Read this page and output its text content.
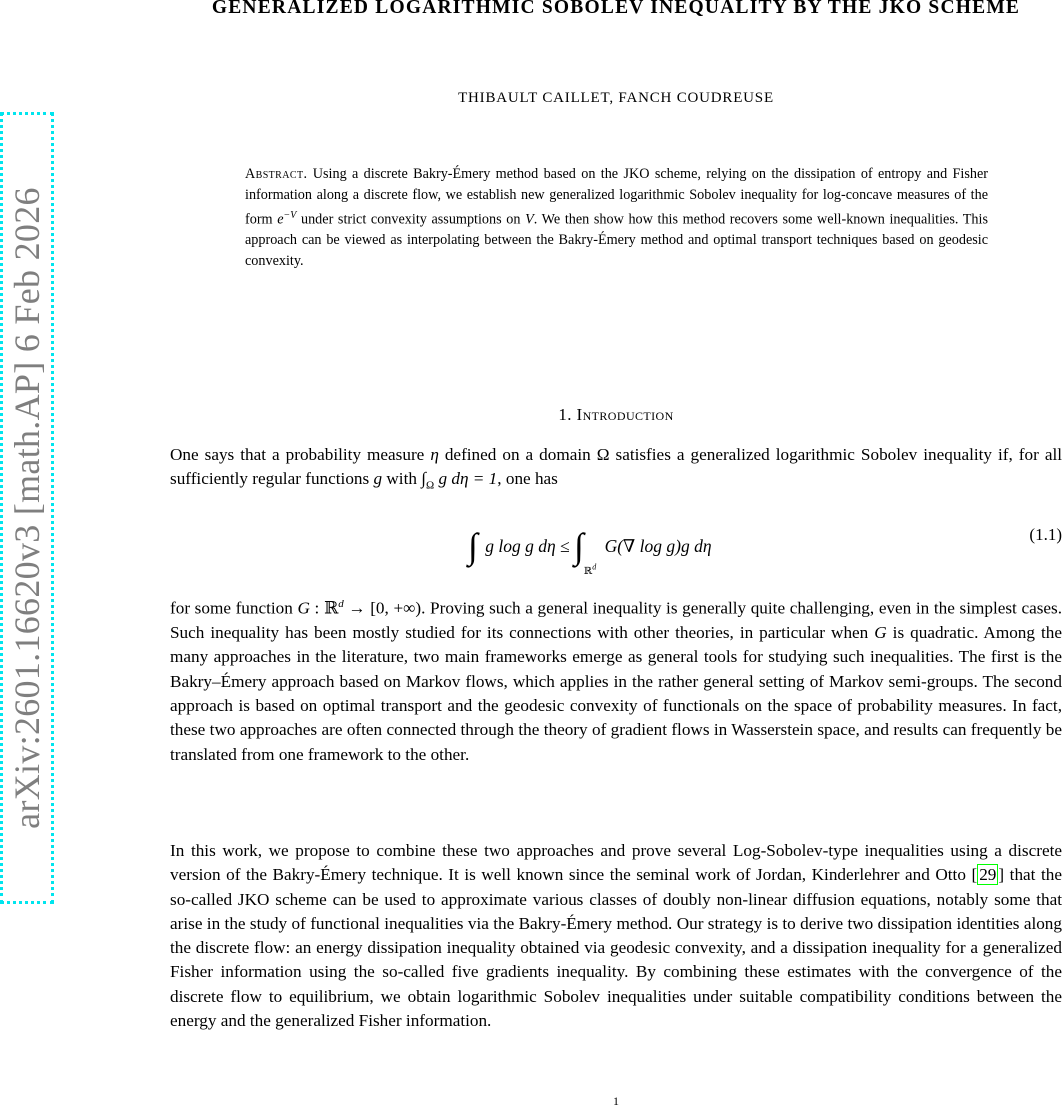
arXiv:2601.16620v3 [math.AP] 6 Feb 2026
GENERALIZED LOGARITHMIC SOBOLEV INEQUALITY BY THE JKO SCHEME
THIBAULT CAILLET, FANCH COUDREUSE
Abstract. Using a discrete Bakry-Émery method based on the JKO scheme, relying on the dissipation of entropy and Fisher information along a discrete flow, we establish new generalized logarithmic Sobolev inequality for log-concave measures of the form $e^{-V}$ under strict convexity assumptions on V. We then show how this method recovers some well-known inequalities. This approach can be viewed as interpolating between the Bakry-Émery method and optimal transport techniques based on geodesic convexity.
1. Introduction
One says that a probability measure η defined on a domain Ω satisfies a generalized logarithmic Sobolev inequality if, for all sufficiently regular functions g with $\int_\Omega$ g dη = 1, one has
∫ g log g $d\eta \le \int_{ℝ^d}$ G(∇ log g)g dη
(1.1)
for some function G : ℝ$^d$ → [0, +∞). Proving such a general inequality is generally quite challenging, even in the simplest cases. Such inequality has been mostly studied for its connections with other theories, in particular when G is quadratic. Among the many approaches in the literature, two main frameworks emerge as general tools for studying such inequalities. The first is the Bakry–Émery approach based on Markov flows, which applies in the rather general setting of Markov semi-groups. The second approach is based on optimal transport and the geodesic convexity of functionals on the space of probability measures. In fact, these two approaches are often connected through the theory of gradient flows in Wasserstein space, and results can frequently be translated from one framework to the other.
In this work, we propose to combine these two approaches and prove several Log-Sobolev-type inequalities using a discrete version of the Bakry-Émery technique. It is well known since the seminal work of Jordan, Kinderlehrer and Otto [ 29 ] that the so-called JKO scheme can be used to approximate various classes of doubly non-linear diffusion equations, notably some that arise in the study of functional inequalities via the Bakry-Émery method. Our strategy is to derive two dissipation identities along the discrete flow: an energy dissipation inequality obtained via geodesic convexity, and a dissipation inequality for a generalized Fisher information using the so-called five gradients inequality. By combining these estimates with the convergence of the discrete flow to equilibrium, we obtain logarithmic Sobolev inequalities under suitable compatibility conditions between the energy and the generalized Fisher information.
1
